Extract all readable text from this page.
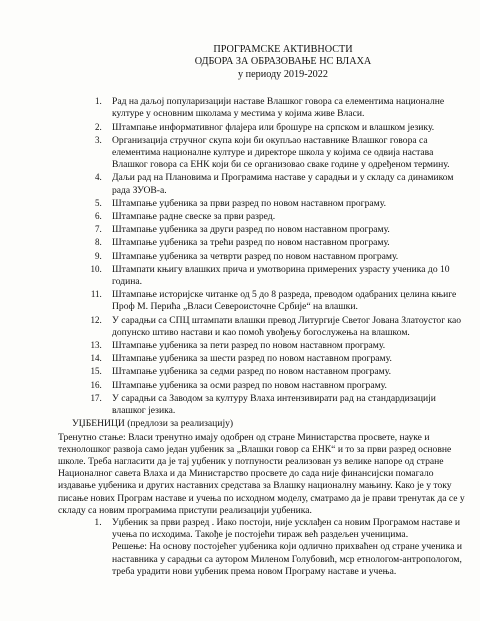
ПРОГРАМСКЕ АКТИВНОСТИ
ОДБОРА ЗА ОБРАЗОВАЊЕ НС ВЛАХА
у периоду 2019-2022
1. Рад на даљој популаризацији наставе Влашког говора са елементима националне културе у основним школама у местима у којима живе Власи.
2. Штампање информативног флајера или брошуре на српском и влашком језику.
3. Организација стручног скупа који би окупљао наставнике Влашког говора са елементима националне културе и директоре школа у којима се одвија настава Влашког говора са ЕНК који би се организовао сваке године у одређеном термину.
4. Даљи рад на Плановима и Програмима наставе у сарадњи и у складу са динамиком рада ЗУОВ-а.
5. Штампање уџбеника за први разред по новом наставном програму.
6. Штампање радне свеске за први разред.
7. Штампање уџбеника за други разред по новом наставном програму.
8. Штампање уџбеника за трећи разред по новом наставном програму.
9. Штампање уџбеника за четврти разред по новом наставном програму.
10. Штампати књигу влашких прича и умотворина примерених узрасту ученика до 10 година.
11. Штампање историјске читанке од 5 до 8 разреда, преводом одабраних целина књиге Проф М. Перића „Власи Североисточне Србије“ на влашки.
12. У сарадњи са СПЦ штампати влашки превод Литургије Светог Јована Златоустог као допунско штиво настави и као помоћ увођењу богослужења на влашком.
13. Штампање уџбеника за пети разред по новом наставном програму.
14. Штампање уџбеника за шести разред по новом наставном програму.
15. Штампање уџбеника за седми разред по новом наставном програму.
16. Штампање уџбеника за осми разред по новом наставном програму.
17. У сарадњи са Заводом за културу Влаха интензивирати рад на стандардизацији влашког језика.
УЏБЕНИЦИ (предлози за реализацију)

Тренутно стање: Власи тренутно имају одобрен од стране Министарства просвете, науке и технолошког развоја само један уџбеник за „Влашки говор са ЕНК“ и то за први разред основне школе. Треба нагласити да је тај уџбеник у потпуности реализован уз велике напоре од стране Националног савета Влаха и да Министарство просвете до сада није финансијски помагало издавање уџбеника и других наставних средстава за Влашку националну мањину. Како је у току писање нових Програм наставе и учења по исходном моделу, сматрамо да је прави тренутак да се у складу са новим програмима приступи реализацији уџбеника.

1. Уџбеник за први разред . Иако постоји, није усклађен са новим Програмом наставе и учења по исходима. Такође је постојећи тираж већ раздељен ученицима.

Решење: На основу постојећег уџбеника који одлично прихваћен од стране ученика и наставника у сарадњи са аутором Миленом Голубовић, мср етнологом-антропологом, треба урадити нови уџбеник према новом Програму наставе и учења.
